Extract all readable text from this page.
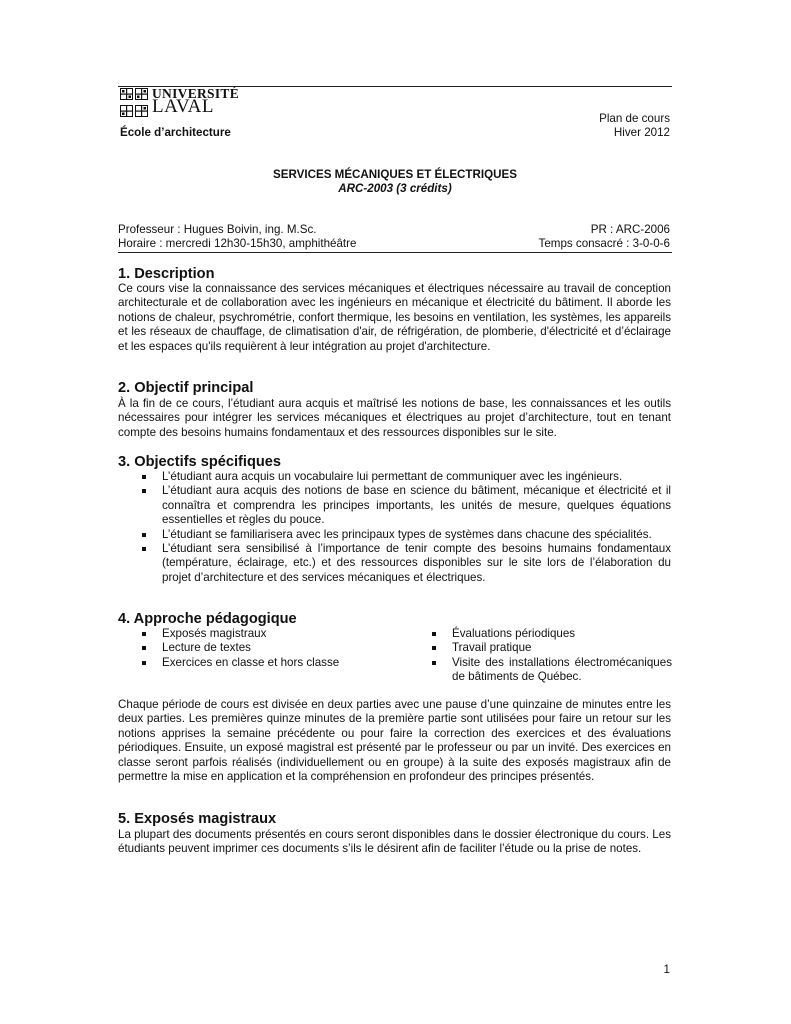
UNIVERSITÉ
LAVAL
École d’architecture
Plan de cours
Hiver 2012
SERVICES MÉCANIQUES ET ÉLECTRIQUES
ARC-2003 (3 crédits)
Professeur : Hugues Boivin, ing. M.Sc.
Horaire : mercredi 12h30-15h30, amphithéâtre
PR : ARC-2006
Temps consacré : 3-0-0-6
1. Description
Ce cours vise la connaissance des services mécaniques et électriques nécessaire au travail de conception architecturale et de collaboration avec les ingénieurs en mécanique et électricité du bâtiment. Il aborde les notions de chaleur, psychrométrie, confort thermique, les besoins en ventilation, les systèmes, les appareils et les réseaux de chauffage, de climatisation d'air, de réfrigération, de plomberie, d'électricité et d’éclairage et les espaces qu'ils requièrent à leur intégration au projet d'architecture.
2. Objectif principal
À la fin de ce cours, l’étudiant aura acquis et maîtrisé les notions de base, les connaissances et les outils nécessaires pour intégrer les services mécaniques et électriques au projet d’architecture, tout en tenant compte des besoins humains fondamentaux et des ressources disponibles sur le site.
3. Objectifs spécifiques
L’étudiant aura acquis un vocabulaire lui permettant de communiquer avec les ingénieurs.
L’étudiant aura acquis des notions de base en science du bâtiment, mécanique et électricité et il connaîtra et comprendra les principes importants, les unités de mesure, quelques équations essentielles et règles du pouce.
L’étudiant se familiarisera avec les principaux types de systèmes dans chacune des spécialités.
L’étudiant sera sensibilisé à l’importance de tenir compte des besoins humains fondamentaux (température, éclairage, etc.) et des ressources disponibles sur le site lors de l’élaboration du projet d’architecture et des services mécaniques et électriques.
4. Approche pédagogique
Exposés magistraux
Lecture de textes
Exercices en classe et hors classe
Évaluations périodiques
Travail pratique
Visite des installations électromécaniques de bâtiments de Québec.
Chaque période de cours est divisée en deux parties avec une pause d’une quinzaine de minutes entre les deux parties. Les premières quinze minutes de la première partie sont utilisées pour faire un retour sur les notions apprises la semaine précédente ou pour faire la correction des exercices et des évaluations périodiques. Ensuite, un exposé magistral est présenté par le professeur ou par un invité. Des exercices en classe seront parfois réalisés (individuellement ou en groupe) à la suite des exposés magistraux afin de permettre la mise en application et la compréhension en profondeur des principes présentés.
5. Exposés magistraux
La plupart des documents présentés en cours seront disponibles dans le dossier électronique du cours. Les étudiants peuvent imprimer ces documents s’ils le désirent afin de faciliter l’étude ou la prise de notes.
1
